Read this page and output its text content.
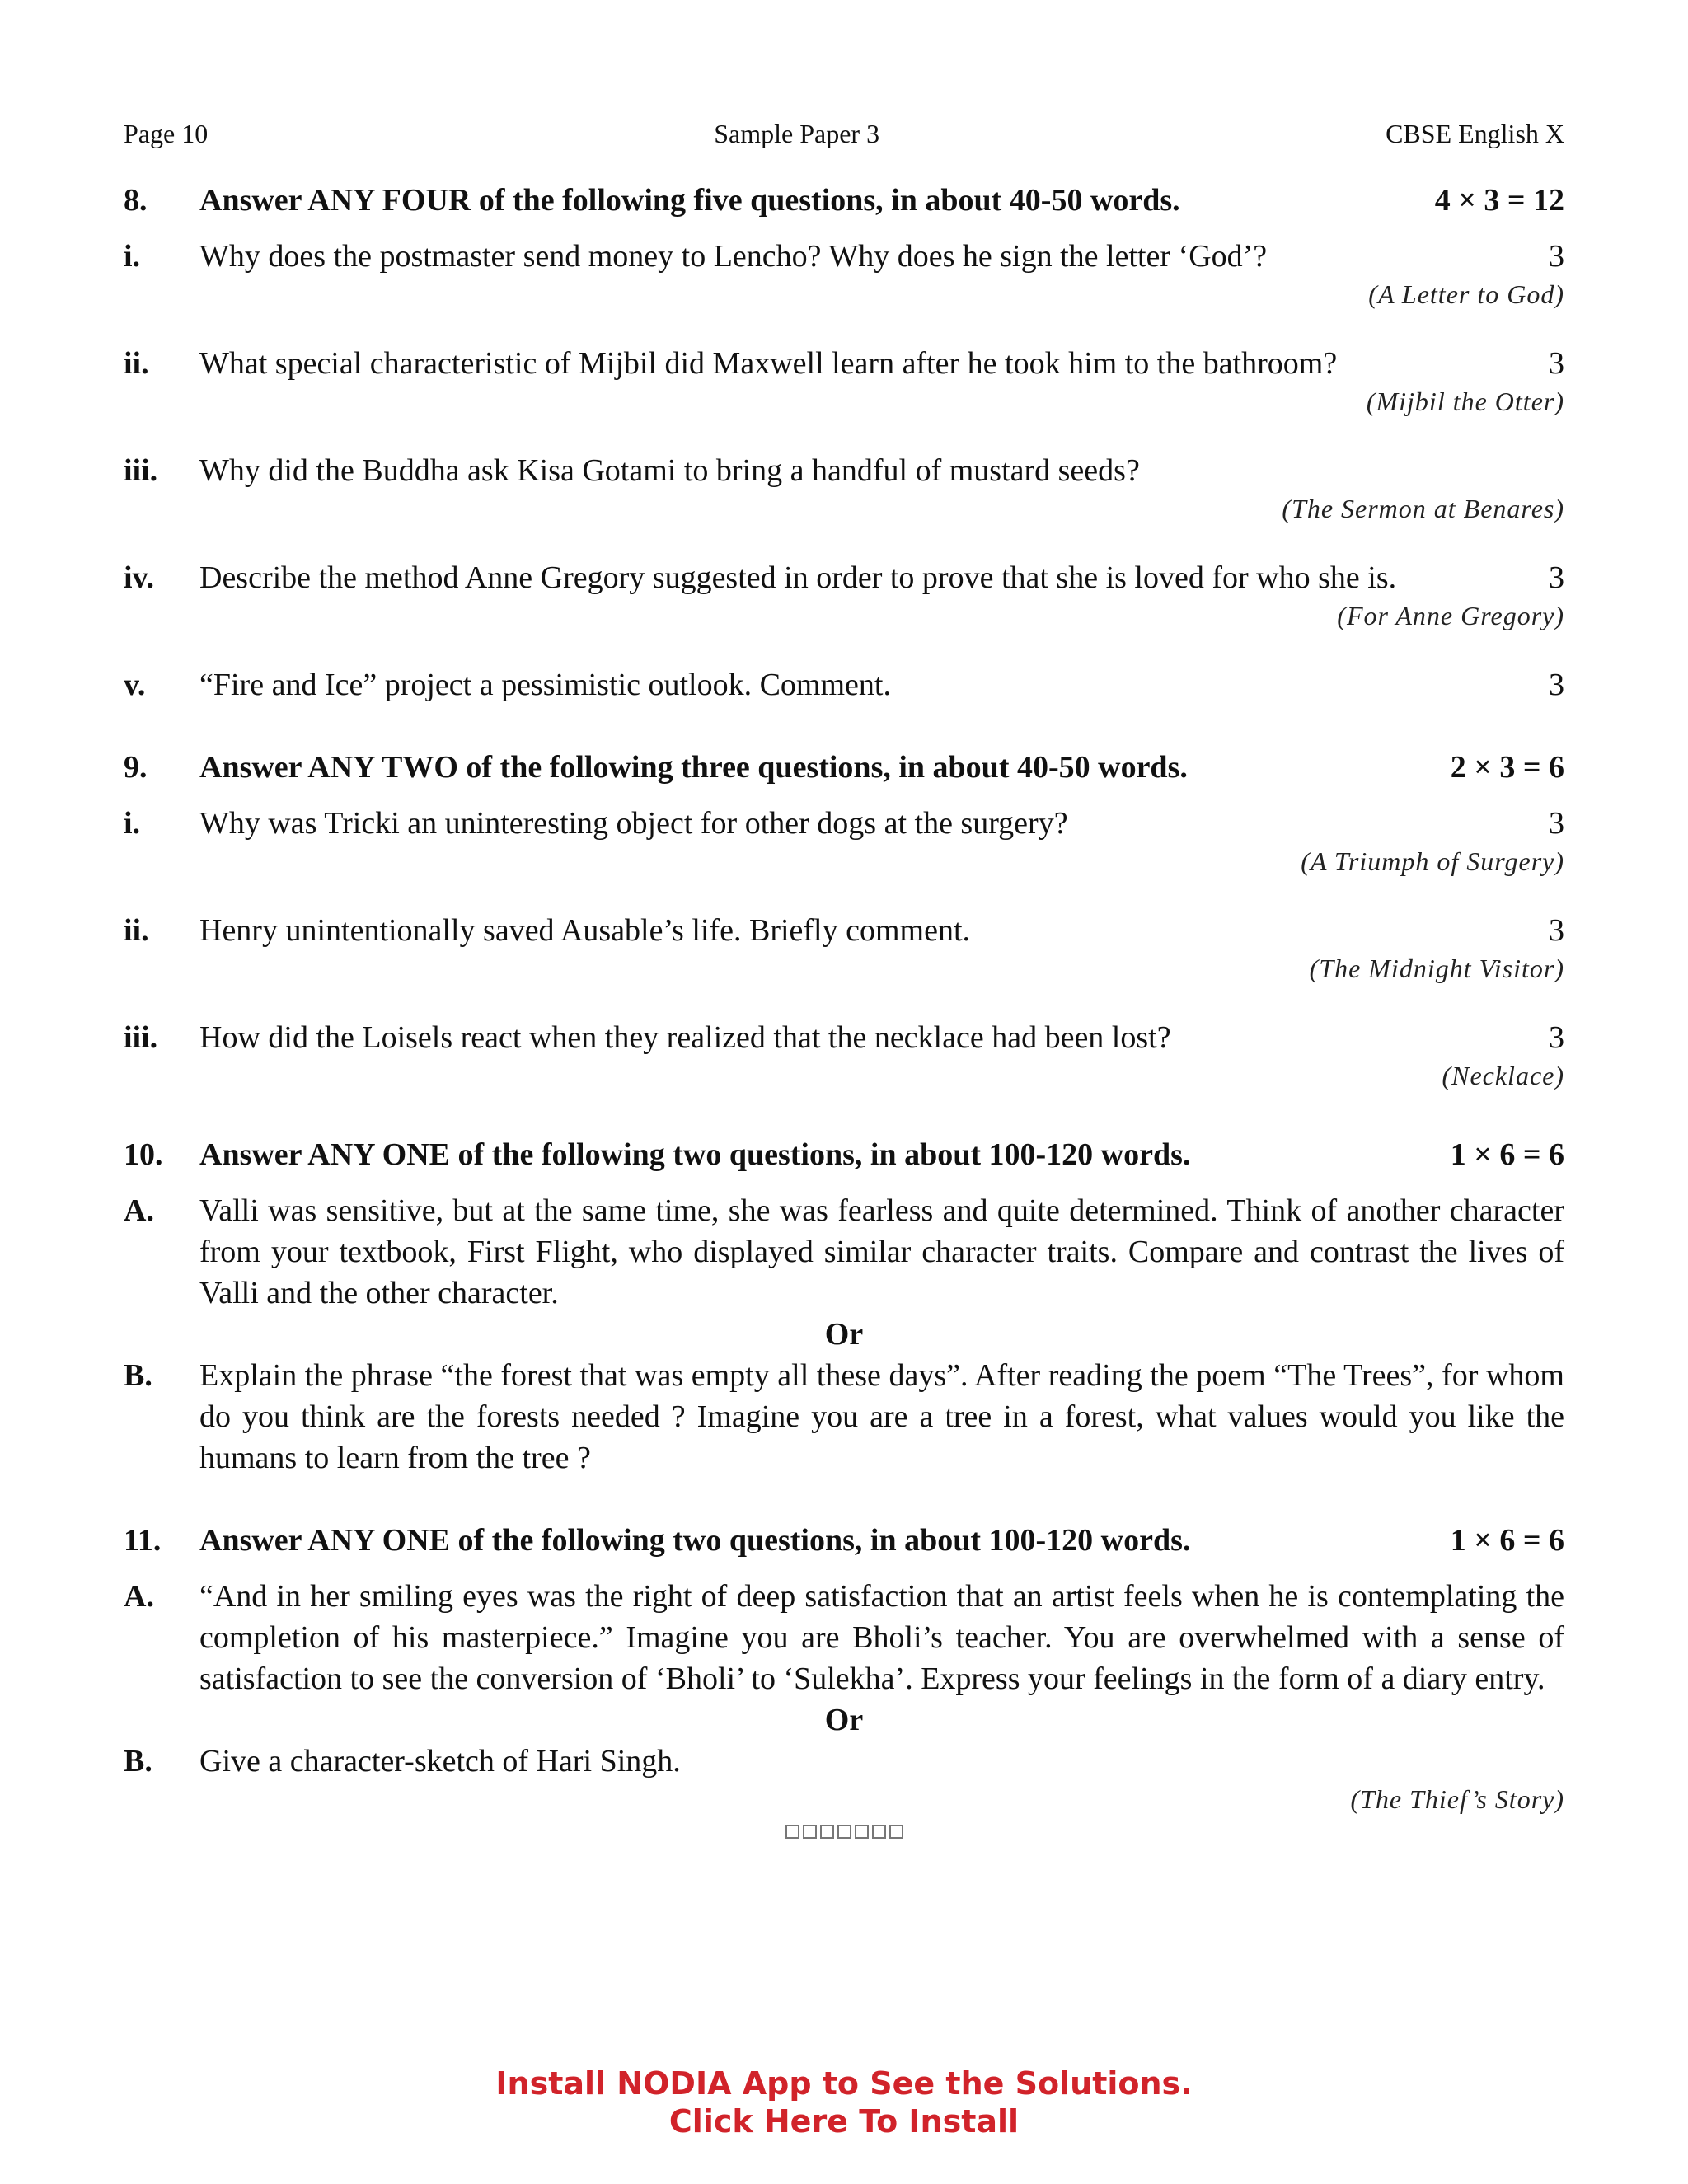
Page 10	Sample Paper 3	CBSE English X
8.	Answer ANY FOUR of the following five questions, in about 40-50 words.	4 × 3 = 12
i.	Why does the postmaster send money to Lencho? Why does he sign the letter ‘God’?	3
(A Letter to God)
ii.	What special characteristic of Mijbil did Maxwell learn after he took him to the bathroom?	3
(Mijbil the Otter)
iii.	Why did the Buddha ask Kisa Gotami to bring a handful of mustard seeds?
(The Sermon at Benares)
iv.	Describe the method Anne Gregory suggested in order to prove that she is loved for who she is.	3
(For Anne Gregory)
v.	“Fire and Ice” project a pessimistic outlook. Comment.	3
9.	Answer ANY TWO of the following three questions, in about 40-50 words.	2 × 3 = 6
i.	Why was Tricki an uninteresting object for other dogs at the surgery?	3
(A Triumph of Surgery)
ii.	Henry unintentionally saved Ausable’s life. Briefly comment.	3
(The Midnight Visitor)
iii.	How did the Loisels react when they realized that the necklace had been lost?	3
(Necklace)
10.	Answer ANY ONE of the following two questions, in about 100-120 words.	1 × 6 = 6
A.	Valli was sensitive, but at the same time, she was fearless and quite determined. Think of another character from your textbook, First Flight, who displayed similar character traits. Compare and contrast the lives of Valli and the other character.
Or
B.	Explain the phrase “the forest that was empty all these days”. After reading the poem “The Trees”, for whom do you think are the forests needed ? Imagine you are a tree in a forest, what values would you like the humans to learn from the tree ?
11.	Answer ANY ONE of the following two questions, in about 100-120 words.	1 × 6 = 6
A.	“And in her smiling eyes was the right of deep satisfaction that an artist feels when he is contemplating the completion of his masterpiece.” Imagine you are Bholi’s teacher. You are overwhelmed with a sense of satisfaction to see the conversion of ‘Bholi’ to ‘Sulekha’. Express your feelings in the form of a diary entry.
Or
B.	Give a character-sketch of Hari Singh.
(The Thief’s Story)
Install NODIA App to See the Solutions.
Click Here To Install
